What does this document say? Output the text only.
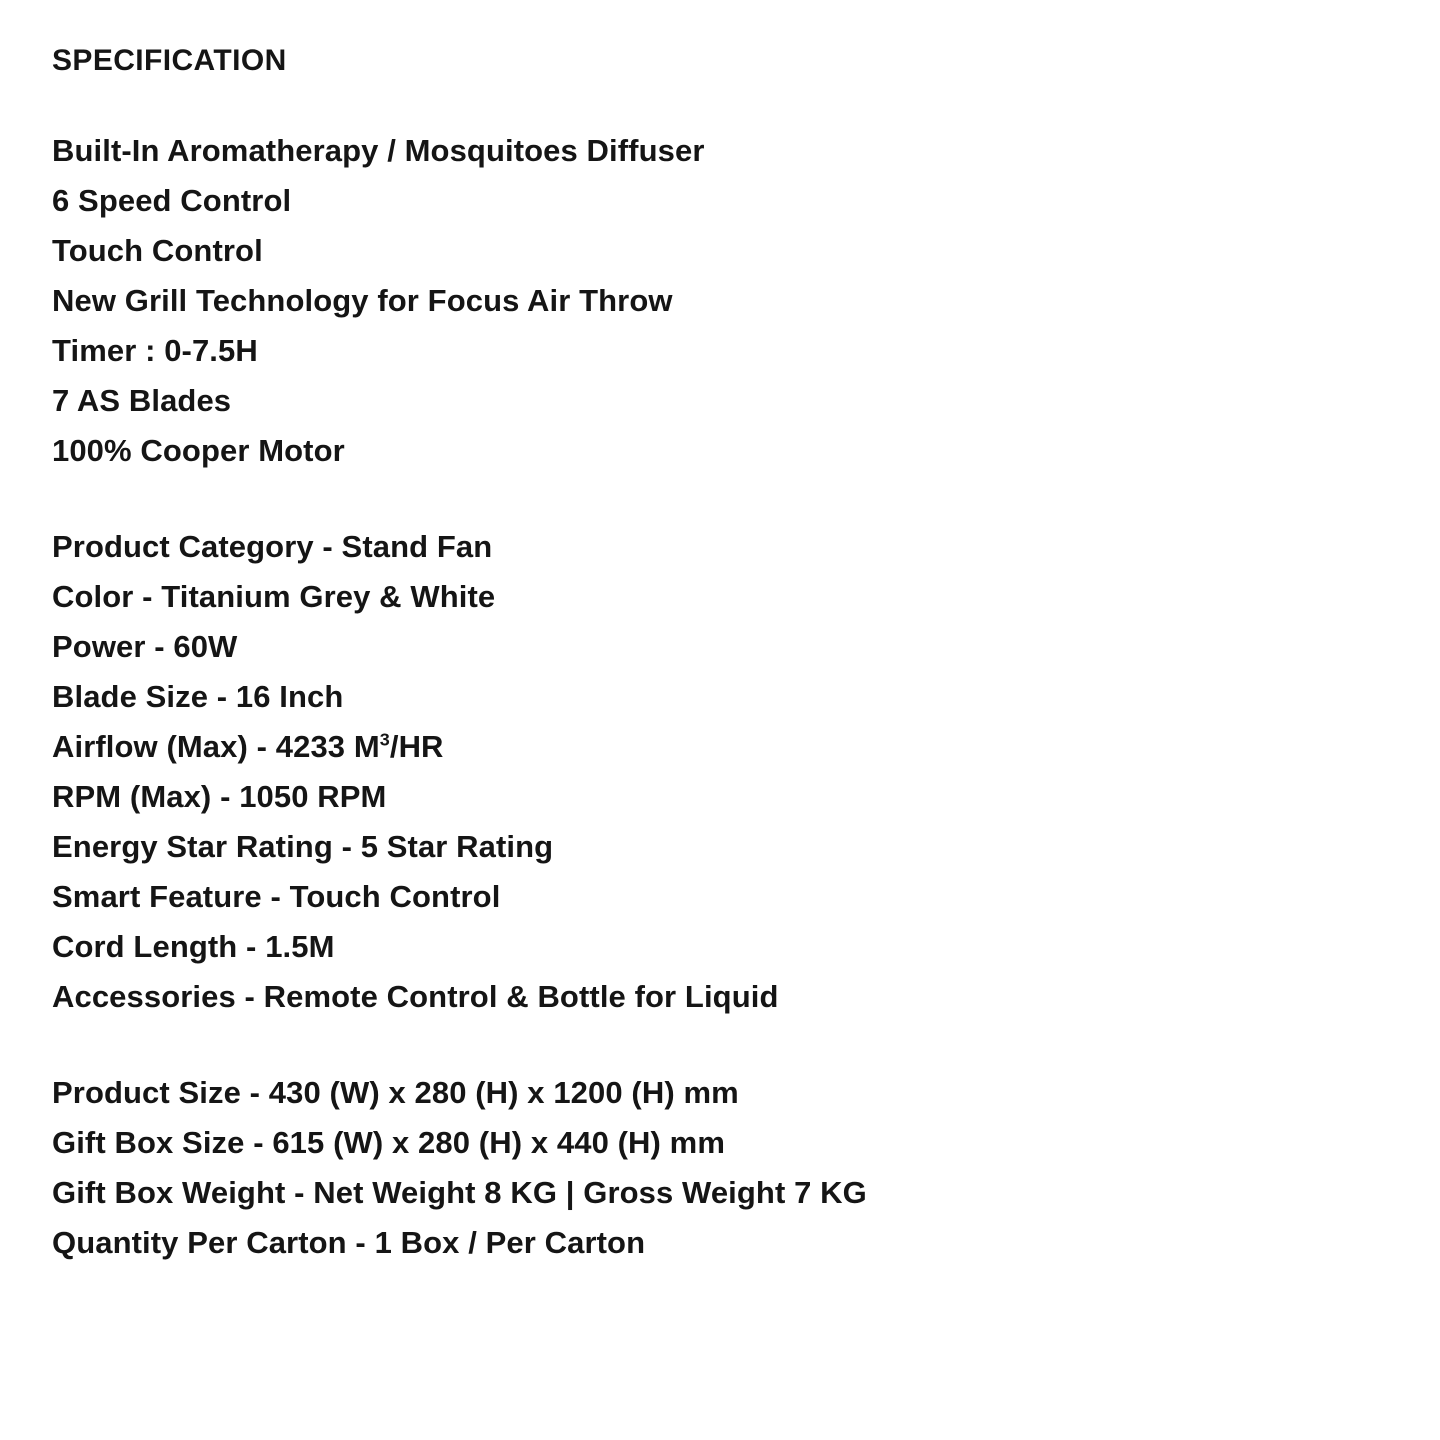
SPECIFICATION
Built-In Aromatherapy / Mosquitoes Diffuser
6 Speed Control
Touch Control
New Grill Technology for Focus Air Throw
Timer : 0-7.5H
7 AS Blades
100% Cooper Motor
Product Category - Stand Fan
Color - Titanium Grey & White
Power - 60W
Blade Size - 16 Inch
Airflow (Max) - 4233 $M^3/HR$
RPM (Max) - 1050 RPM
Energy Star Rating - 5 Star Rating
Smart Feature - Touch Control
Cord Length - 1.5M
Accessories - Remote Control & Bottle for Liquid
Product Size - 430 (W) x 280 (H) x 1200 (H) mm
Gift Box Size - 615 (W) x 280 (H) x 440 (H) mm
Gift Box Weight - Net Weight 8 KG | Gross Weight 7 KG
Quantity Per Carton - 1 Box / Per Carton
